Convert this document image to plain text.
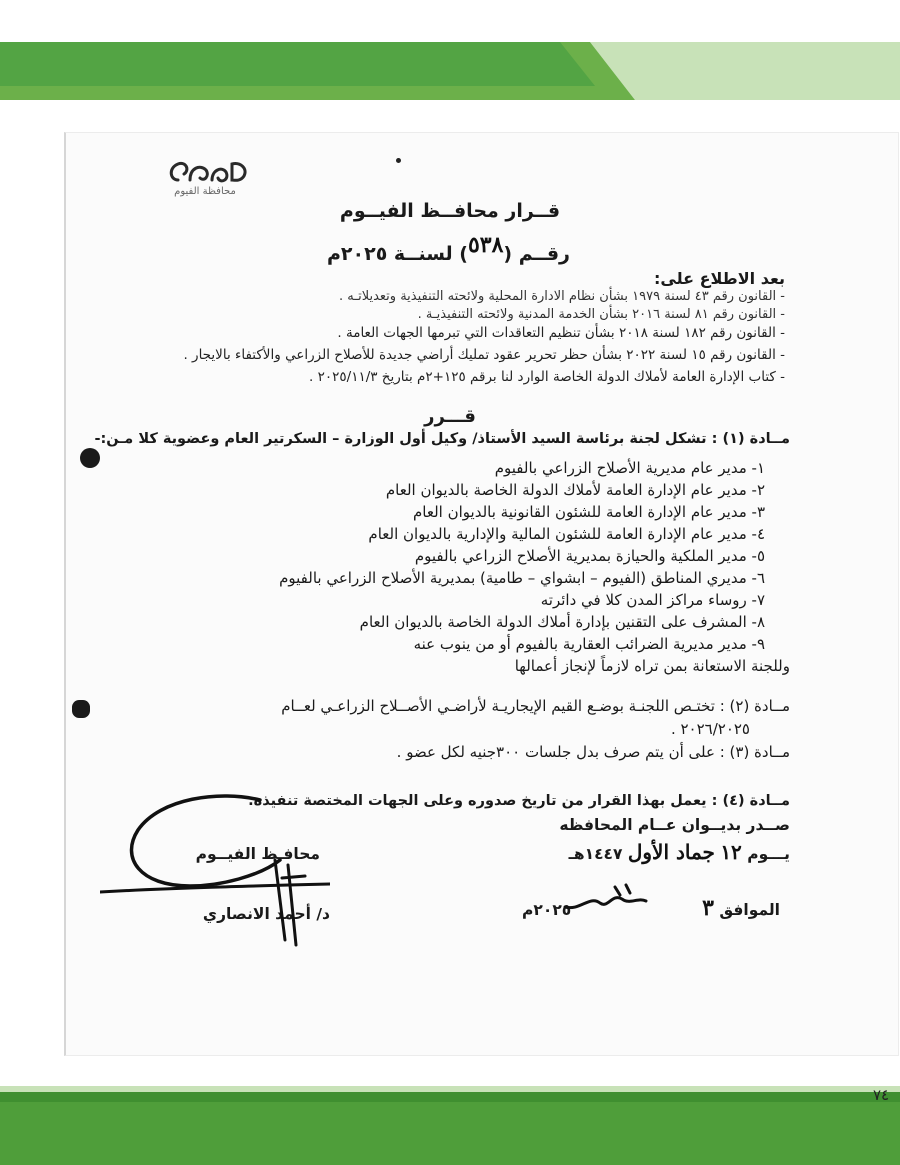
محافظة الفيوم
قــرار محافــظ الفيــوم
رقــم (٥٣٨) لسنــة ٢٠٢٥م
بعد الاطلاع على:
- القانون رقم ٤٣ لسنة ١٩٧٩ بشأن نظام الادارة المحلية ولائحته التنفيذية وتعديلاتـه .
- القانون رقم ٨١ لسنة ٢٠١٦ بشأن الخدمة المدنية ولائحته التنفيذيـة .
- القانون رقم ١٨٢ لسنة ٢٠١٨ بشأن تنظيم التعاقدات التي تبرمها الجهات العامة .
- القانون رقم ١٥ لسنة ٢٠٢٢ بشأن حظر تحرير عقود تمليك أراضي جديدة للأصلاح الزراعي والأكتفاء بالايجار .
- كتاب الإدارة العامة لأملاك الدولة الخاصة الوارد لنا برقم ١٢٥+٢م بتاريخ ٢٠٢٥/١١/٣ .
قـــرر
مــادة (١) : تشكل لجنة برئاسة السيد الأستاذ/ وكيل أول الوزارة – السكرتير العام وعضوية كلا مـن:-
١- مدير عام مديرية الأصلاح الزراعي بالفيوم
٢- مدير عام الإدارة العامة لأملاك الدولة الخاصة بالديوان العام
٣- مدير عام الإدارة العامة للشئون القانونية بالديوان العام
٤- مدير عام الإدارة العامة للشئون المالية والإدارية بالديوان العام
٥- مدير الملكية والحيازة بمديرية الأصلاح الزراعي بالفيوم
٦- مديري المناطق (الفيوم – ابشواي – طامية) بمديرية الأصلاح الزراعي بالفيوم
٧- روساء مراكز المدن كلا في دائرته
٨- المشرف على التقنين بإدارة أملاك الدولة الخاصة بالديوان العام
٩- مدير مديرية الضرائب العقارية بالفيوم أو من ينوب عنه
وللجنة الاستعانة بمن تراه لازماً لإنجاز أعمالها
مــادة (٢) : تختـص اللجنـة بوضـع القيم الإيجاريـة لأراضـي الأصــلاح الزراعـي لعــام
٢٠٢٦/٢٠٢٥ .
مــادة (٣) : على أن يتم صرف بدل جلسات ٣٠٠جنيه لكل عضو .
مــادة (٤) : يعمل بهذا القرار من تاريخ صدوره وعلى الجهات المختصة تنفيذه.
صــدر بديــوان عــام المحافظه
يـــوم ١٢ جماد الأول ١٤٤٧هـ
الموافق ٣  ٢٠٢٥م
محافـظ الفيــوم
د/ أحمد الانصاري
٧٤
